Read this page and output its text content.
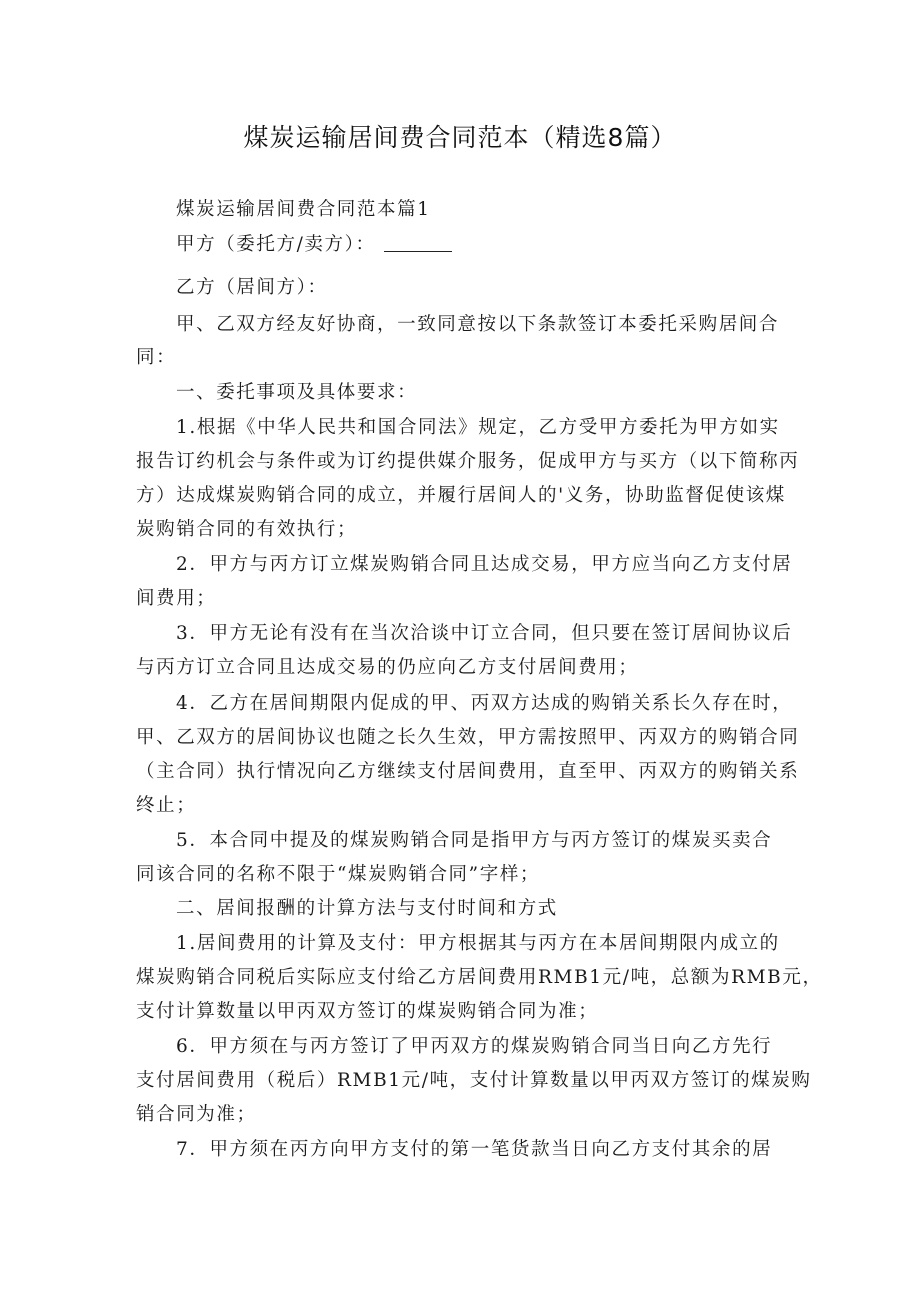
煤炭运输居间费合同范本（精选8篇）
煤炭运输居间费合同范本篇1
甲方（委托方/卖方）：
乙方（居间方）：
甲、乙双方经友好协商，一致同意按以下条款签订本委托采购居间合
同：
一、委托事项及具体要求：
1.根据《中华人民共和国合同法》规定，乙方受甲方委托为甲方如实
报告订约机会与条件或为订约提供媒介服务，促成甲方与买方（以下简称丙
方）达成煤炭购销合同的成立，并履行居间人的'义务，协助监督促使该煤
炭购销合同的有效执行；
2．甲方与丙方订立煤炭购销合同且达成交易，甲方应当向乙方支付居
间费用；
3．甲方无论有没有在当次洽谈中订立合同，但只要在签订居间协议后
与丙方订立合同且达成交易的仍应向乙方支付居间费用；
4．乙方在居间期限内促成的甲、丙双方达成的购销关系长久存在时，
甲、乙双方的居间协议也随之长久生效，甲方需按照甲、丙双方的购销合同
（主合同）执行情况向乙方继续支付居间费用，直至甲、丙双方的购销关系
终止；
5．本合同中提及的煤炭购销合同是指甲方与丙方签订的煤炭买卖合
同该合同的名称不限于“煤炭购销合同”字样；
二、居间报酬的计算方法与支付时间和方式
1.居间费用的计算及支付：甲方根据其与丙方在本居间期限内成立的
煤炭购销合同税后实际应支付给乙方居间费用RMB1元/吨，总额为RMB元，
支付计算数量以甲丙双方签订的煤炭购销合同为准；
6．甲方须在与丙方签订了甲丙双方的煤炭购销合同当日向乙方先行
支付居间费用（税后）RMB1元/吨，支付计算数量以甲丙双方签订的煤炭购
销合同为准；
7．甲方须在丙方向甲方支付的第一笔货款当日向乙方支付其余的居
